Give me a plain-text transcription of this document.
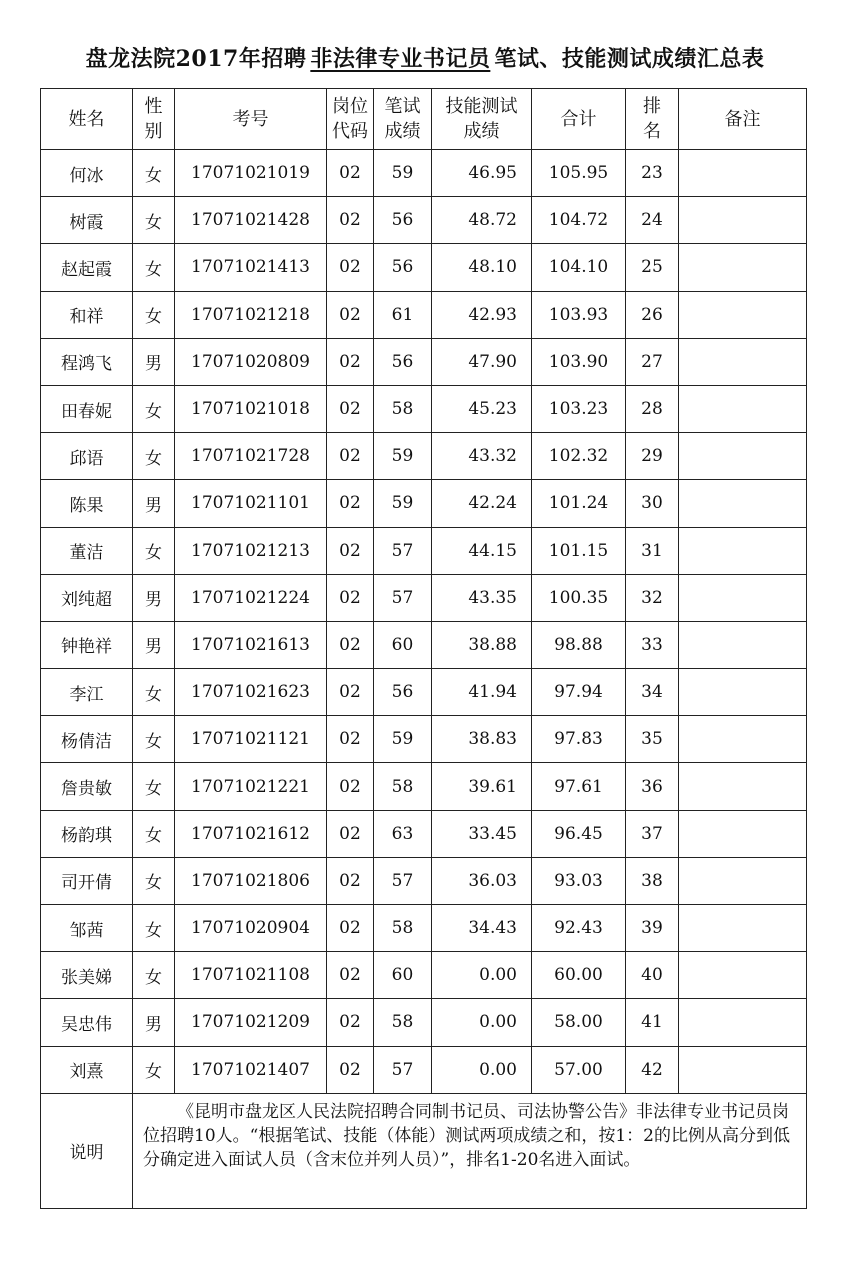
盘龙法院2017年招聘 非法律专业书记员 笔试、技能测试成绩汇总表
姓名	性别	考号	岗位代码	笔试成绩	技能测试成绩	合计	排名	备注
何冰	女	17071021019	02	59	46.95	105.95	23	
树霞	女	17071021428	02	56	48.72	104.72	24	
赵起霞	女	17071021413	02	56	48.10	104.10	25	
和祥	女	17071021218	02	61	42.93	103.93	26	
程鸿飞	男	17071020809	02	56	47.90	103.90	27	
田春妮	女	17071021018	02	58	45.23	103.23	28	
邱语	女	17071021728	02	59	43.32	102.32	29	
陈果	男	17071021101	02	59	42.24	101.24	30	
董洁	女	17071021213	02	57	44.15	101.15	31	
刘纯超	男	17071021224	02	57	43.35	100.35	32	
钟艳祥	男	17071021613	02	60	38.88	98.88	33	
李江	女	17071021623	02	56	41.94	97.94	34	
杨倩洁	女	17071021121	02	59	38.83	97.83	35	
詹贵敏	女	17071021221	02	58	39.61	97.61	36	
杨韵琪	女	17071021612	02	63	33.45	96.45	37	
司开倩	女	17071021806	02	57	36.03	93.03	38	
邹茜	女	17071020904	02	58	34.43	92.43	39	
张美娣	女	17071021108	02	60	0.00	60.00	40	
吴忠伟	男	17071021209	02	58	0.00	58.00	41	
刘熹	女	17071021407	02	57	0.00	57.00	42	
说明	《昆明市盘龙区人民法院招聘合同制书记员、司法协警公告》非法律专业书记员岗位招聘10人。“根据笔试、技能（体能）测试两项成绩之和，按1：2的比例从高分到低分确定进入面试人员（含末位并列人员）”，排名1-20名进入面试。							
